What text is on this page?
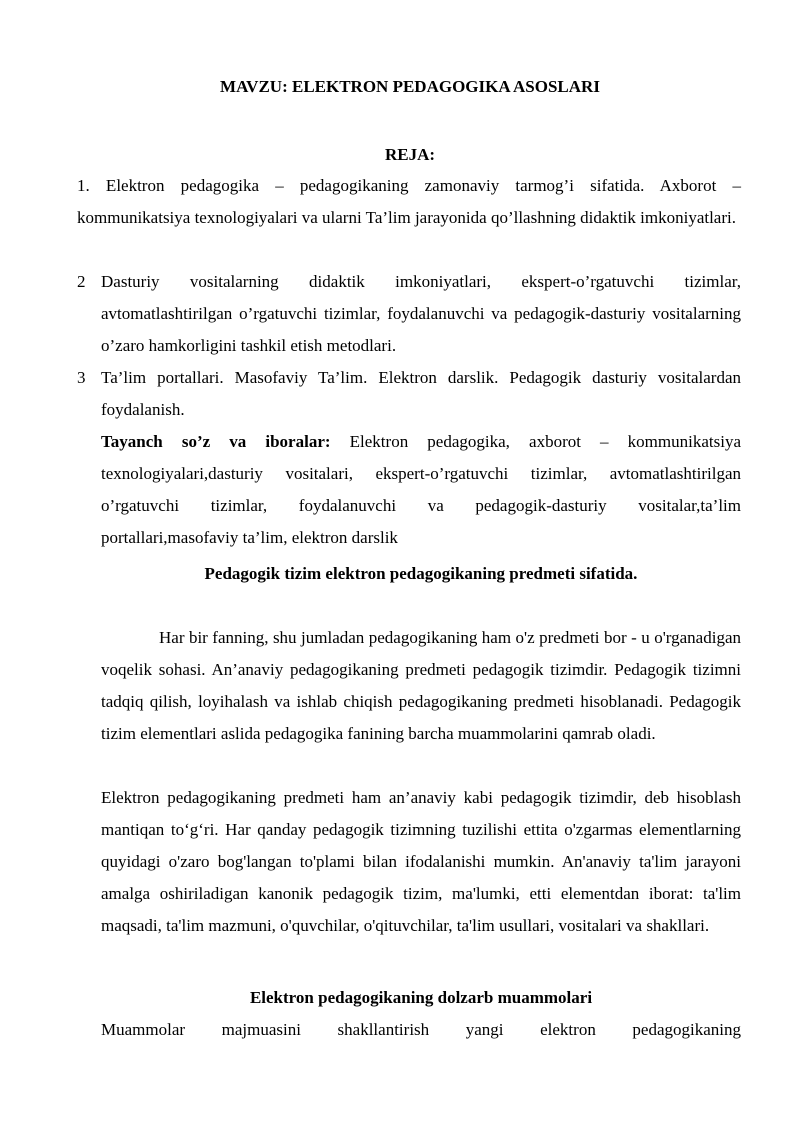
MAVZU: ELEKTRON PEDAGOGIKA ASOSLARI
REJA:

1. Elektron pedagogika – pedagogikaning zamonaviy tarmog’i sifatida. Axborot – kommunikatsiya texnologiyalari va ularni Ta’lim jarayonida qo’llashning didaktik imkoniyatlari.

2 Dasturiy vositalarning didaktik imkoniyatlari, ekspert-o’rgatuvchi tizimlar, avtomatlashtirilgan o’rgatuvchi tizimlar, foydalanuvchi va pedagogik-dasturiy vositalarning o’zaro hamkorligini tashkil etish metodlari.

3 Ta’lim portallari. Masofaviy Ta’lim. Elektron darslik. Pedagogik dasturiy vositalardan foydalanish.

Tayanch so’z va iboralar: Elektron pedagogika, axborot – kommunikatsiya texnologiyalari,dasturiy vositalari, ekspert-o’rgatuvchi tizimlar, avtomatlashtirilgan o’rgatuvchi tizimlar, foydalanuvchi va pedagogik-dasturiy vositalar,ta’lim portallari,masofaviy ta’lim, elektron darslik

Pedagogik tizim elektron pedagogikaning predmeti sifatida.

Har bir fanning, shu jumladan pedagogikaning ham o'z predmeti bor - u o'rganadigan voqelik sohasi. An’anaviy pedagogikaning predmeti pedagogik tizimdir. Pedagogik tizimni tadqiq qilish, loyihalash va ishlab chiqish pedagogikaning predmeti hisoblanadi. Pedagogik tizim elementlari aslida pedagogika fanining barcha muammolarini qamrab oladi.

Elektron pedagogikaning predmeti ham an’anaviy kabi pedagogik tizimdir, deb hisoblash mantiqan to‘g‘ri. Har qanday pedagogik tizimning tuzilishi ettita o'zgarmas elementlarning quyidagi o'zaro bog'langan to'plami bilan ifodalanishi mumkin. An'anaviy ta'lim jarayoni amalga oshiriladigan kanonik pedagogik tizim, ma'lumki, etti elementdan iborat: ta'lim maqsadi, ta'lim mazmuni, o'quvchilar, o'qituvchilar, ta'lim usullari, vositalari va shakllari.

Elektron pedagogikaning dolzarb muammolari

Muammolar majmuasini shakllantirish yangi elektron pedagogikaning
